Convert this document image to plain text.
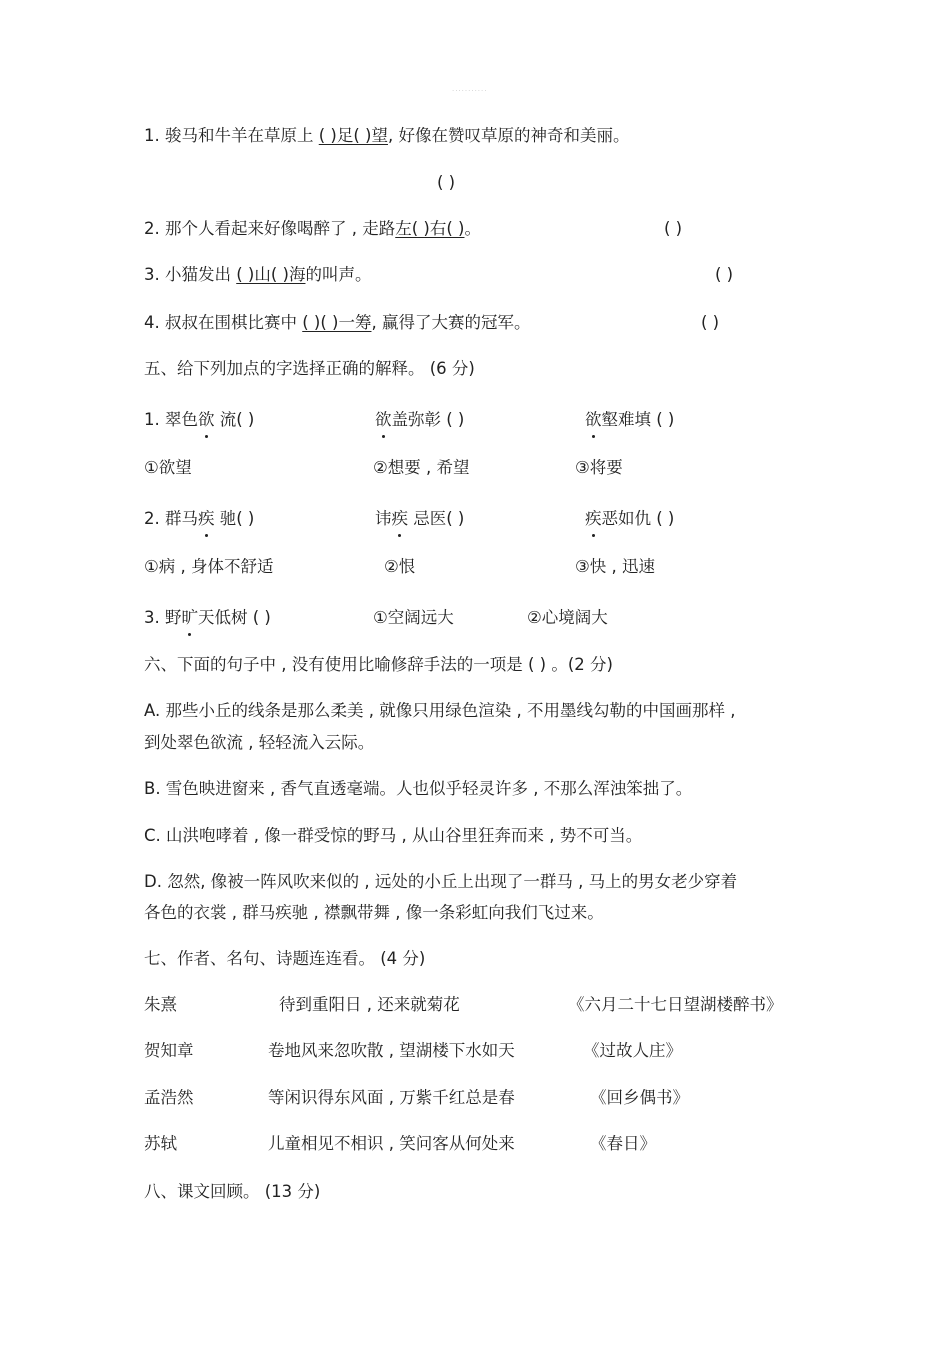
...........
1. 骏马和牛羊在草原上 ( )足( )望, 好像在赞叹草原的神奇和美丽。
( )
2. 那个人看起来好像喝醉了 , 走路左( )右( )。	( )
3. 小猫发出 ( )山( )海的叫声。	( )
4. 叔叔在围棋比赛中 ( )( )一筹, 赢得了大赛的冠军。	( )
五、给下列加点的字选择正确的解释。 (6 分)
1. 翠色欲 流( )	欲盖弥彰 ( )	欲壑难填 ( )
①欲望	②想要 , 希望	③将要
2. 群马疾 驰( )	讳疾 忌医( )	疾恶如仇 ( )
①病 , 身体不舒适	②恨	③快 , 迅速
3. 野旷天低树 ( )	①空阔远大	②心境阔大
六、下面的句子中 , 没有使用比喻修辞手法的一项是 ( ) 。(2 分)
A. 那些小丘的线条是那么柔美 , 就像只用绿色渲染 , 不用墨线勾勒的中国画那样 ,
到处翠色欲流 , 轻轻流入云际。
B. 雪色映进窗来 , 香气直透毫端。人也似乎轻灵许多 , 不那么浑浊笨拙了。
C. 山洪咆哮着 , 像一群受惊的野马 , 从山谷里狂奔而来 , 势不可当。
D. 忽然, 像被一阵风吹来似的 , 远处的小丘上出现了一群马 , 马上的男女老少穿着
各色的衣裳 , 群马疾驰 , 襟飘带舞 , 像一条彩虹向我们飞过来。
七、作者、名句、诗题连连看。 (4 分)
朱熹	待到重阳日 , 还来就菊花	《六月二十七日望湖楼醉书》
贺知章	卷地风来忽吹散 , 望湖楼下水如天	《过故人庄》
孟浩然	等闲识得东风面 , 万紫千红总是春	《回乡偶书》
苏轼	儿童相见不相识 , 笑问客从何处来	《春日》
八、课文回顾。 (13 分)
